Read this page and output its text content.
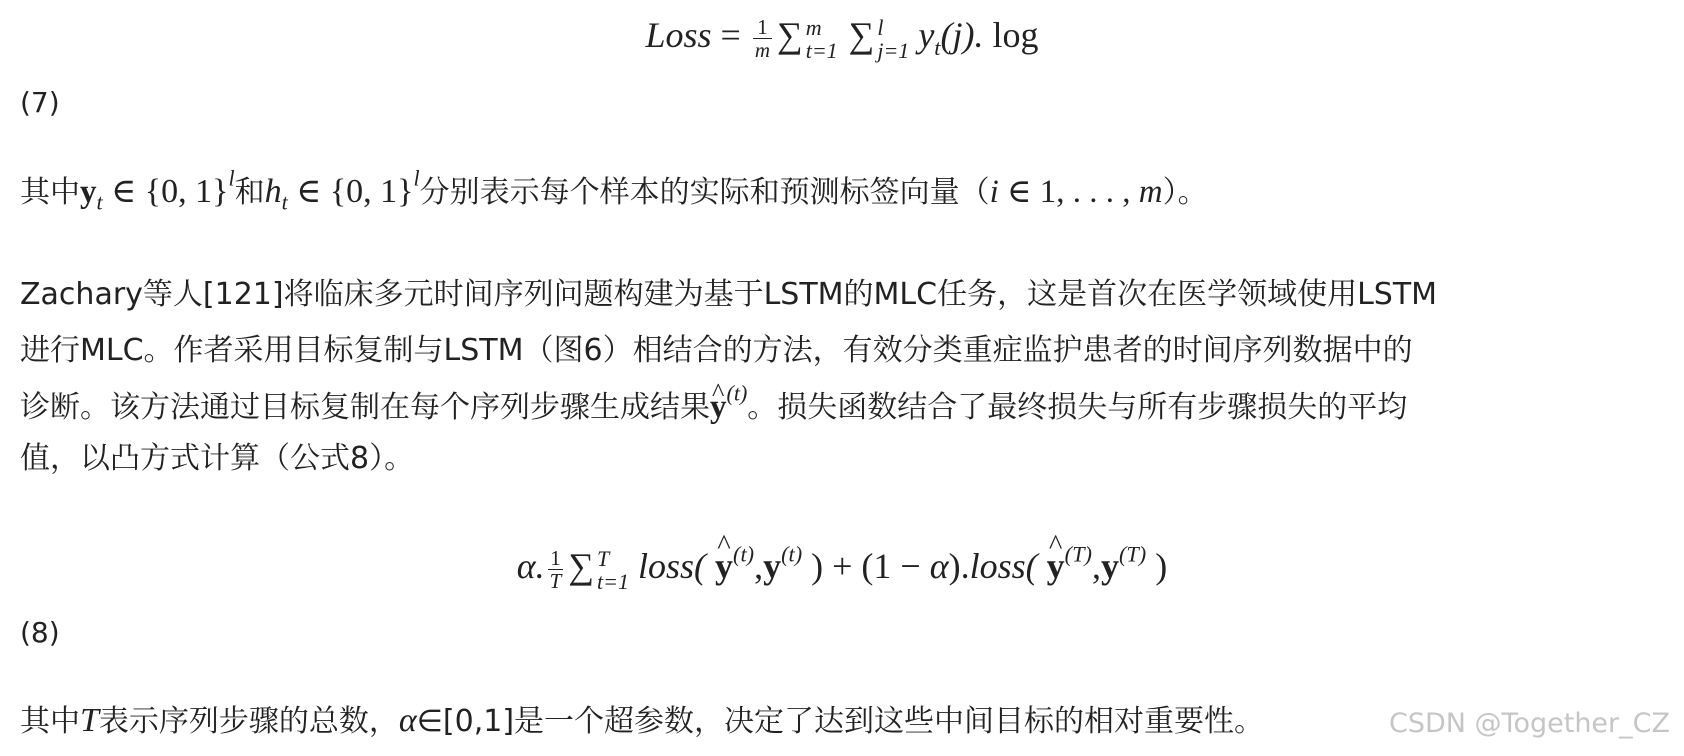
Loss = $\frac{1}{m}$ ∑ m
t=1 ∑ l
j=1 $y_t(j)$. log
(7)
其中$y_t$ ∈ {0, 1}$^l$和$h_t$ ∈ {0, 1}$^l$分别表示每个样本的实际和预测标签向量（i ∈ 1, . . . , m）。
Zachary等人[121]将临床多元时间序列问题构建为基于LSTM的MLC任务，这是首次在医学领域使用LSTM
进行MLC。作者采用目标复制与LSTM（图6）相结合的方法，有效分类重症监护患者的时间序列数据中的
诊断。该方法通过目标复制在每个序列步骤生成结果^ $y^{(t)}$。损失函数结合了最终损失与所有步骤损失的平均
值，以凸方式计算（公式8）。
α. $\frac{1}{T}$ ∑ T
t=1 loss( ^ $y^{(t)},y^{(t)}$ ) + (1 − α).loss( ^ $y^{(T)},y^{(T)}$ )
(8)
其中T表示序列步骤的总数，α∈[0,1]是一个超参数，决定了达到这些中间目标的相对重要性。	CSDN @Together_CZ
